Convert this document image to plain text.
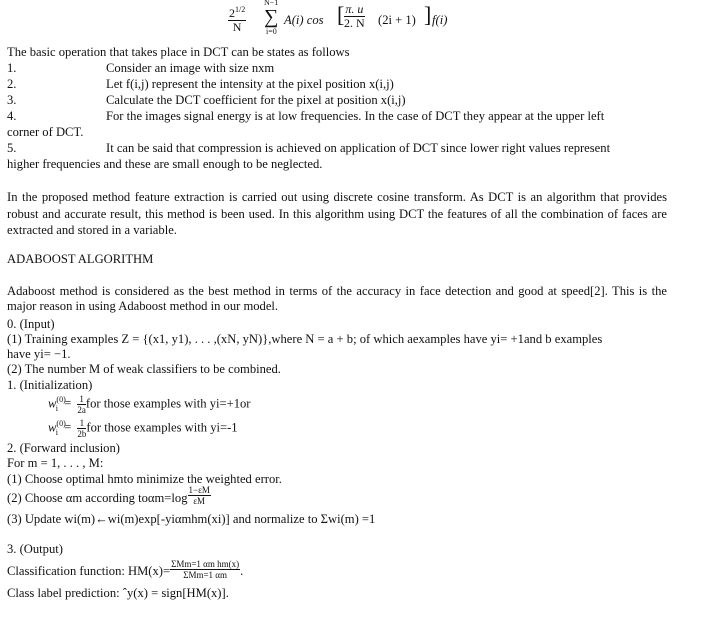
$\frac{2^{1/2}}{N}$
N−1
∑
i=0
A(i) cos [ $\frac{\pi. u}{2. N} (2i + 1)$ ] f(i)
The basic operation that takes place in DCT can be states as follows
1.	Consider an image with size nxm
2.	Let f(i,j) represent the intensity at the pixel position x(i,j)
3.	Calculate the DCT coefficient for the pixel at position x(i,j)
4.	For the images signal energy is at low frequencies. In the case of DCT they appear at the upper left
corner of DCT.
5.	It can be said that compression is achieved on application of DCT since lower right values represent
higher frequencies and these are small enough to be neglected.
In the proposed method feature extraction is carried out using discrete cosine transform. As DCT is an algorithm that provides robust and accurate result, this method is been used. In this algorithm using DCT the features of all the combination of faces are extracted and stored in a variable.
ADABOOST ALGORITHM
Adaboost method is considered as the best method in terms of the accuracy in face detection and good at speed[2]. This is the major reason in using Adaboost method in our model.
0. (Input)
(1) Training examples Z = {(x1, y1), . . . ,(xN, yN)},where N = a + b; of which aexamples have yi= +1and b examples
have yi= −1.
(2) The number M of weak classifiers to be combined.
1. (Initialization)
$w^{(0)}_i = \frac{1}{2a}$ for those examples with yi=+1or
$w^{(0)}_i = \frac{1}{2b}$ for those examples with yi=-1
2. (Forward inclusion)
For m = 1, . . . , M:
(1) Choose optimal hmto minimize the weighted error.
(2) Choose αm according $to\alpha m=\log \frac{1-\varepsilon M}{\varepsilon M}$
(3) Update wi(m)←wi(m)exp[-yiαmhm(xi)] and normalize to Σwi(m) =1
3. (Output)
Classification function: $HM(x)= \frac{\text{ΣMm=1 αm hm(x)}}{\text{ΣMm=1 αm}}$ .
Class label prediction: ˆy(x) = sign[HM(x)].
